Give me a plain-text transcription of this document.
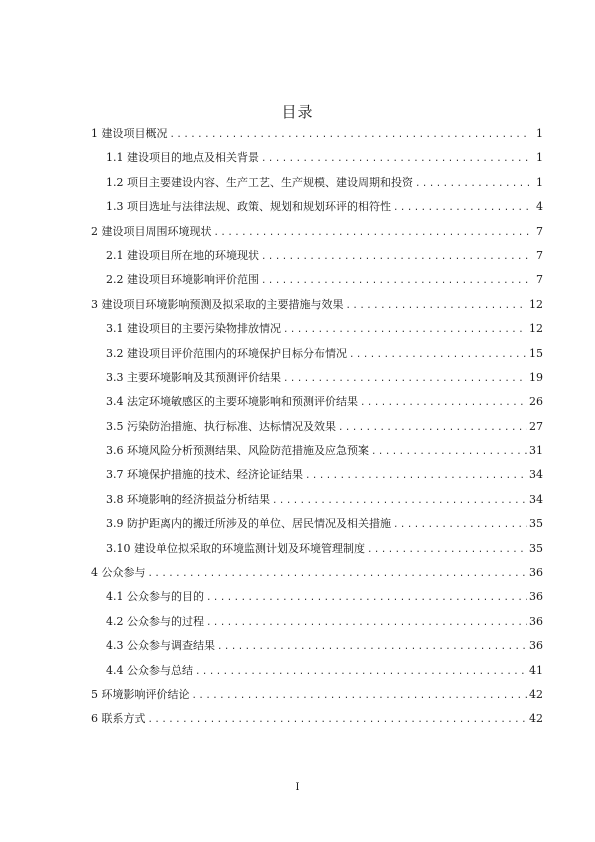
目录
1 建设项目概况 .....	1
1.1 建设项目的地点及相关背景 .....	1
1.2 项目主要建设内容、生产工艺、生产规模、建设周期和投资 .....	1
1.3 项目选址与法律法规、政策、规划和规划环评的相符性 .....	4
2 建设项目周围环境现状 .....	7
2.1 建设项目所在地的环境现状 .....	7
2.2 建设项目环境影响评价范围 .....	7
3 建设项目环境影响预测及拟采取的主要措施与效果 .....	12
3.1 建设项目的主要污染物排放情况 .....	12
3.2 建设项目评价范围内的环境保护目标分布情况 .....	15
3.3 主要环境影响及其预测评价结果 .....	19
3.4 法定环境敏感区的主要环境影响和预测评价结果 .....	26
3.5 污染防治措施、执行标准、达标情况及效果 .....	27
3.6 环境风险分析预测结果、风险防范措施及应急预案 .....	31
3.7 环境保护措施的技术、经济论证结果 .....	34
3.8 环境影响的经济损益分析结果 .....	34
3.9 防护距离内的搬迁所涉及的单位、居民情况及相关措施 .....	35
3.10 建设单位拟采取的环境监测计划及环境管理制度 .....	35
4 公众参与 .....	36
4.1 公众参与的目的 .....	36
4.2 公众参与的过程 .....	36
4.3 公众参与调查结果 .....	36
4.4 公众参与总结 .....	41
5 环境影响评价结论 .....	42
6 联系方式 .....	42
I
